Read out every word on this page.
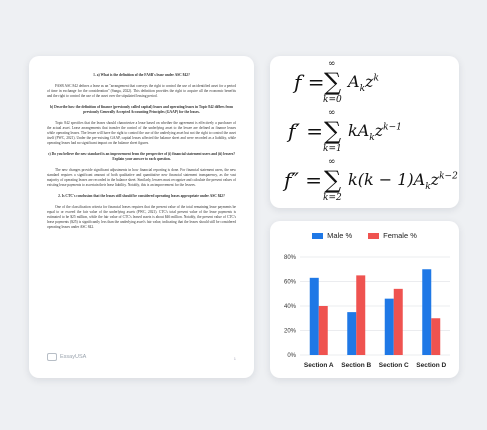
1. a) What is the definition of the FASB's lease under ASC 842?

FASB ASC 842 defines a lease as an "arrangement that conveys the right to control the use of an identified asset for a period of time in exchange for the consideration" (Sanga, 2022). This definition provides the right to acquire all the economic benefits and the right to control the use of the asset over the stipulated leasing period.

b) Describe how the definition of finance (previously called capital) leases and operating leases in Topic 842 differs from previously Generally Accepted Accounting Principles (GAAP) for the leases.

Topic 842 specifies that the leases should characterize a lease based on whether the agreement is effectively a purchaser of the actual asset. Lease arrangements that transfer the control of the underlying asset to the lessee are defined as finance leases while operating leases. The lessee will have the right to control the use of the underlying asset but not the right to control the asset itself (PWC, 2021). Under the pre-existing GAAP, capital leases affected the balance sheet and were recorded as a liability, while operating leases had no significant impact on the balance sheet figures.

c) Do you believe the new standard is an improvement from the perspective of (i) financial statement users and (ii) lessees? Explain your answer to each question.

The new changes provide significant adjustments in how financial reporting is done. For financial statement users, the new standard requires a significant amount of both qualitative and quantitative new financial statement transparency, as the vast majority of operating leases are recorded in the balance sheet. Similarly, lessees must recognize and calculate the present values of existing lease payments to ascertain their lease liability. Notably, this is an improvement for the lessees.

2. Is CTC's conclusion that the leases still should be considered operating leases appropriate under ASC 842?

One of the classification criteria for financial leases requires that the present value of the total remaining lease payments be equal to or exceed the fair value of the underlying assets (PWC, 2021). CTC's total present value of the lease payments is estimated to be $25 million, while the fair value of CTC's leased assets is about $46 million. Notably, the present value of CTC's lease payments ($25) is significantly less than the underlying asset's fair value, indicating that the leases should still be considered operating leases under ASC 842.

EssayUSA	1
f =
∞
∑
k=0
$A_kz^k$
f′ =
∞
∑
k=1
$kA_kz^{k-1}$
f″ =
∞
∑
k=2
$k(k - 1)A_kz^{k-2}$
Male %	Female %
0%
20%
40%
60%
80%
Section A Section B Section C Section D
